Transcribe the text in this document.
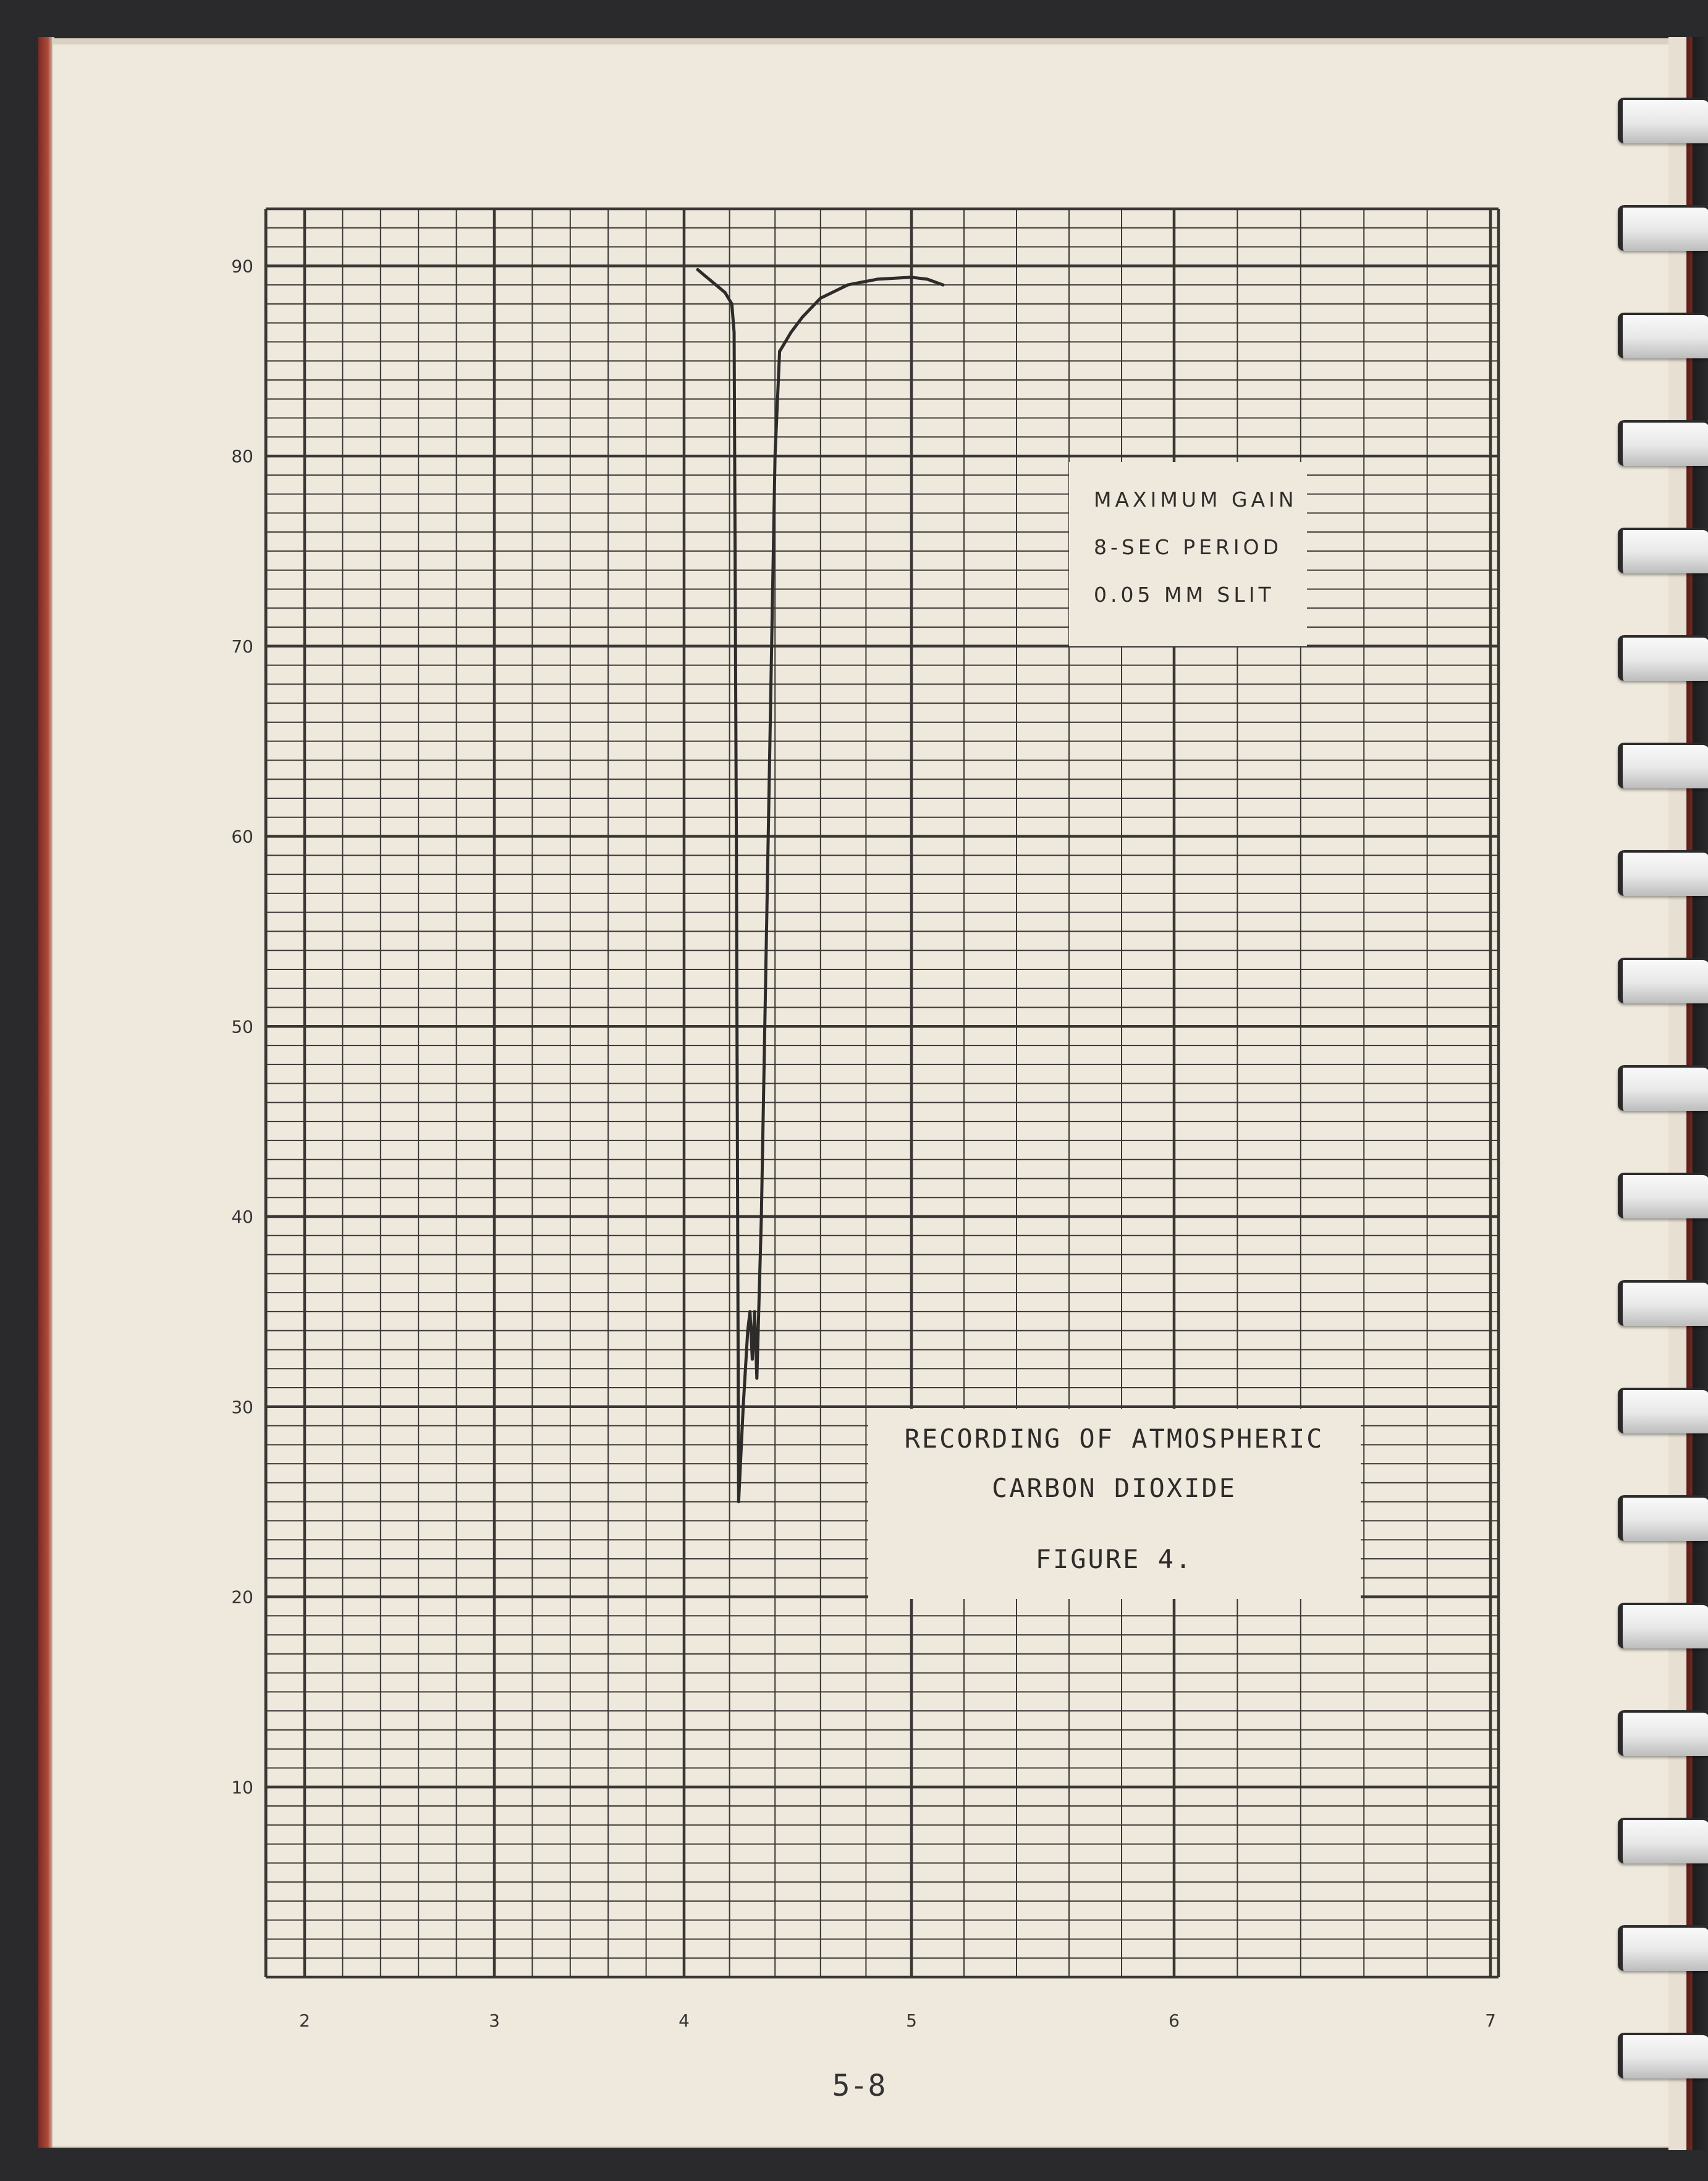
2	3	4	5	6	7
10
20
30
40
50
60
70
80
90
MAXIMUM GAIN
8-SEC PERIOD
0.05 MM SLIT
RECORDING OF ATMOSPHERIC
CARBON DIOXIDE
FIGURE 4.
5-8
